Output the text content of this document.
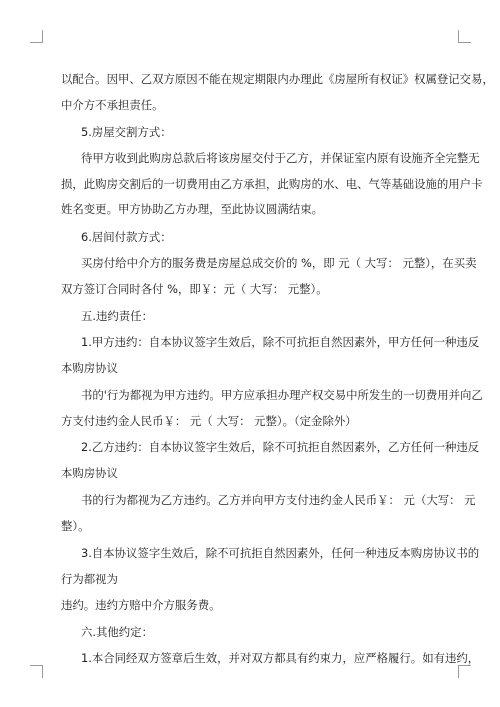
以配合。因甲、乙双方原因不能在规定期限内办理此《房屋所有权证》权属登记交易，
中介方不承担责任。
5.房屋交割方式：
待甲方收到此购房总款后将该房屋交付于乙方，并保证室内原有设施齐全完整无
损，此购房交割后的一切费用由乙方承担，此购房的水、电、气等基础设施的用户卡
姓名变更。甲方协助乙方办理，至此协议圆满结束。
6.居间付款方式：
买房付给中介方的服务费是房屋总成交价的 %，即 元（ 大写： 元整），在买卖
双方签订合同时各付 %，即￥：元（ 大写： 元整）。
五.违约责任：
1.甲方违约：自本协议签字生效后，除不可抗拒自然因素外，甲方任何一种违反
本购房协议
书的'行为都视为甲方违约。甲方应承担办理产权交易中所发生的一切费用并向乙
方支付违约金人民币￥： 元（ 大写： 元整）。（定金除外）
2.乙方违约：自本协议签字生效后，除不可抗拒自然因素外，乙方任何一种违反
本购房协议
书的行为都视为乙方违约。乙方并向甲方支付违约金人民币￥： 元（大写： 元
整）。
3.自本协议签字生效后，除不可抗拒自然因素外，任何一种违反本购房协议书的
行为都视为
违约。违约方赔中介方服务费。
六.其他约定：
1.本合同经双方签章后生效，并对双方都具有约束力，应严格履行。如有违约，
